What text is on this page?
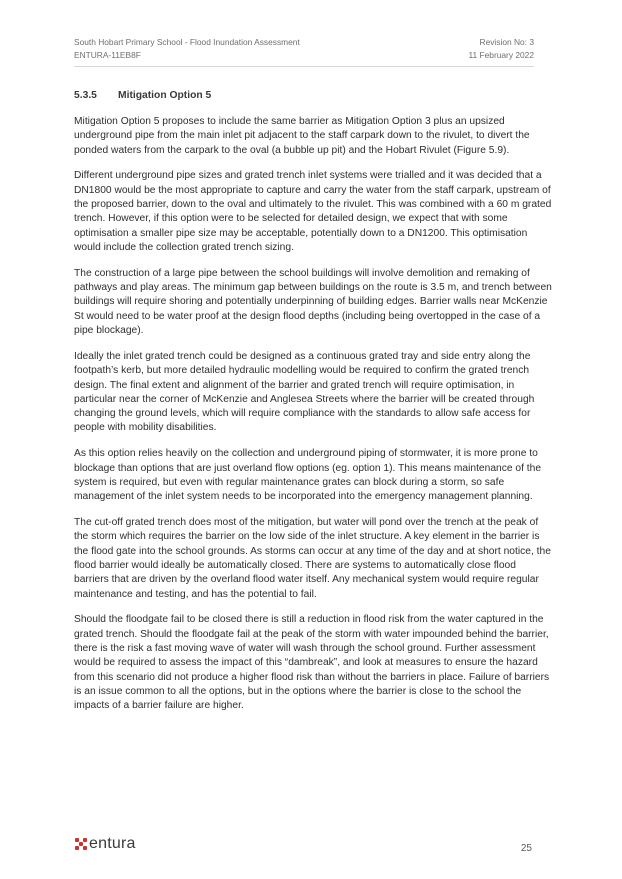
South Hobart Primary School - Flood Inundation Assessment
ENTURA-11EB8F
Revision No: 3
11 February 2022
5.3.5 Mitigation Option 5

Mitigation Option 5 proposes to include the same barrier as Mitigation Option 3 plus an upsized underground pipe from the main inlet pit adjacent to the staff carpark down to the rivulet, to divert the ponded waters from the carpark to the oval (a bubble up pit) and the Hobart Rivulet (Figure 5.9).

Different underground pipe sizes and grated trench inlet systems were trialled and it was decided that a DN1800 would be the most appropriate to capture and carry the water from the staff carpark, upstream of the proposed barrier, down to the oval and ultimately to the rivulet. This was combined with a 60 m grated trench. However, if this option were to be selected for detailed design, we expect that with some optimisation a smaller pipe size may be acceptable, potentially down to a DN1200. This optimisation would include the collection grated trench sizing.

The construction of a large pipe between the school buildings will involve demolition and remaking of pathways and play areas. The minimum gap between buildings on the route is 3.5 m, and trench between buildings will require shoring and potentially underpinning of building edges. Barrier walls near McKenzie St would need to be water proof at the design flood depths (including being overtopped in the case of a pipe blockage).

Ideally the inlet grated trench could be designed as a continuous grated tray and side entry along the footpath’s kerb, but more detailed hydraulic modelling would be required to confirm the grated trench design. The final extent and alignment of the barrier and grated trench will require optimisation, in particular near the corner of McKenzie and Anglesea Streets where the barrier will be created through changing the ground levels, which will require compliance with the standards to allow safe access for people with mobility disabilities.

As this option relies heavily on the collection and underground piping of stormwater, it is more prone to blockage than options that are just overland flow options (eg. option 1). This means maintenance of the system is required, but even with regular maintenance grates can block during a storm, so safe management of the inlet system needs to be incorporated into the emergency management planning.

The cut-off grated trench does most of the mitigation, but water will pond over the trench at the peak of the storm which requires the barrier on the low side of the inlet structure. A key element in the barrier is the flood gate into the school grounds. As storms can occur at any time of the day and at short notice, the flood barrier would ideally be automatically closed. There are systems to automatically close flood barriers that are driven by the overland flood water itself. Any mechanical system would require regular maintenance and testing, and has the potential to fail.

Should the floodgate fail to be closed there is still a reduction in flood risk from the water captured in the grated trench. Should the floodgate fail at the peak of the storm with water impounded behind the barrier, there is the risk a fast moving wave of water will wash through the school ground. Further assessment would be required to assess the impact of this “dambreak”, and look at measures to ensure the hazard from this scenario did not produce a higher flood risk than without the barriers in place. Failure of barriers is an issue common to all the options, but in the options where the barrier is close to the school the impacts of a barrier failure are higher.

entura	25
